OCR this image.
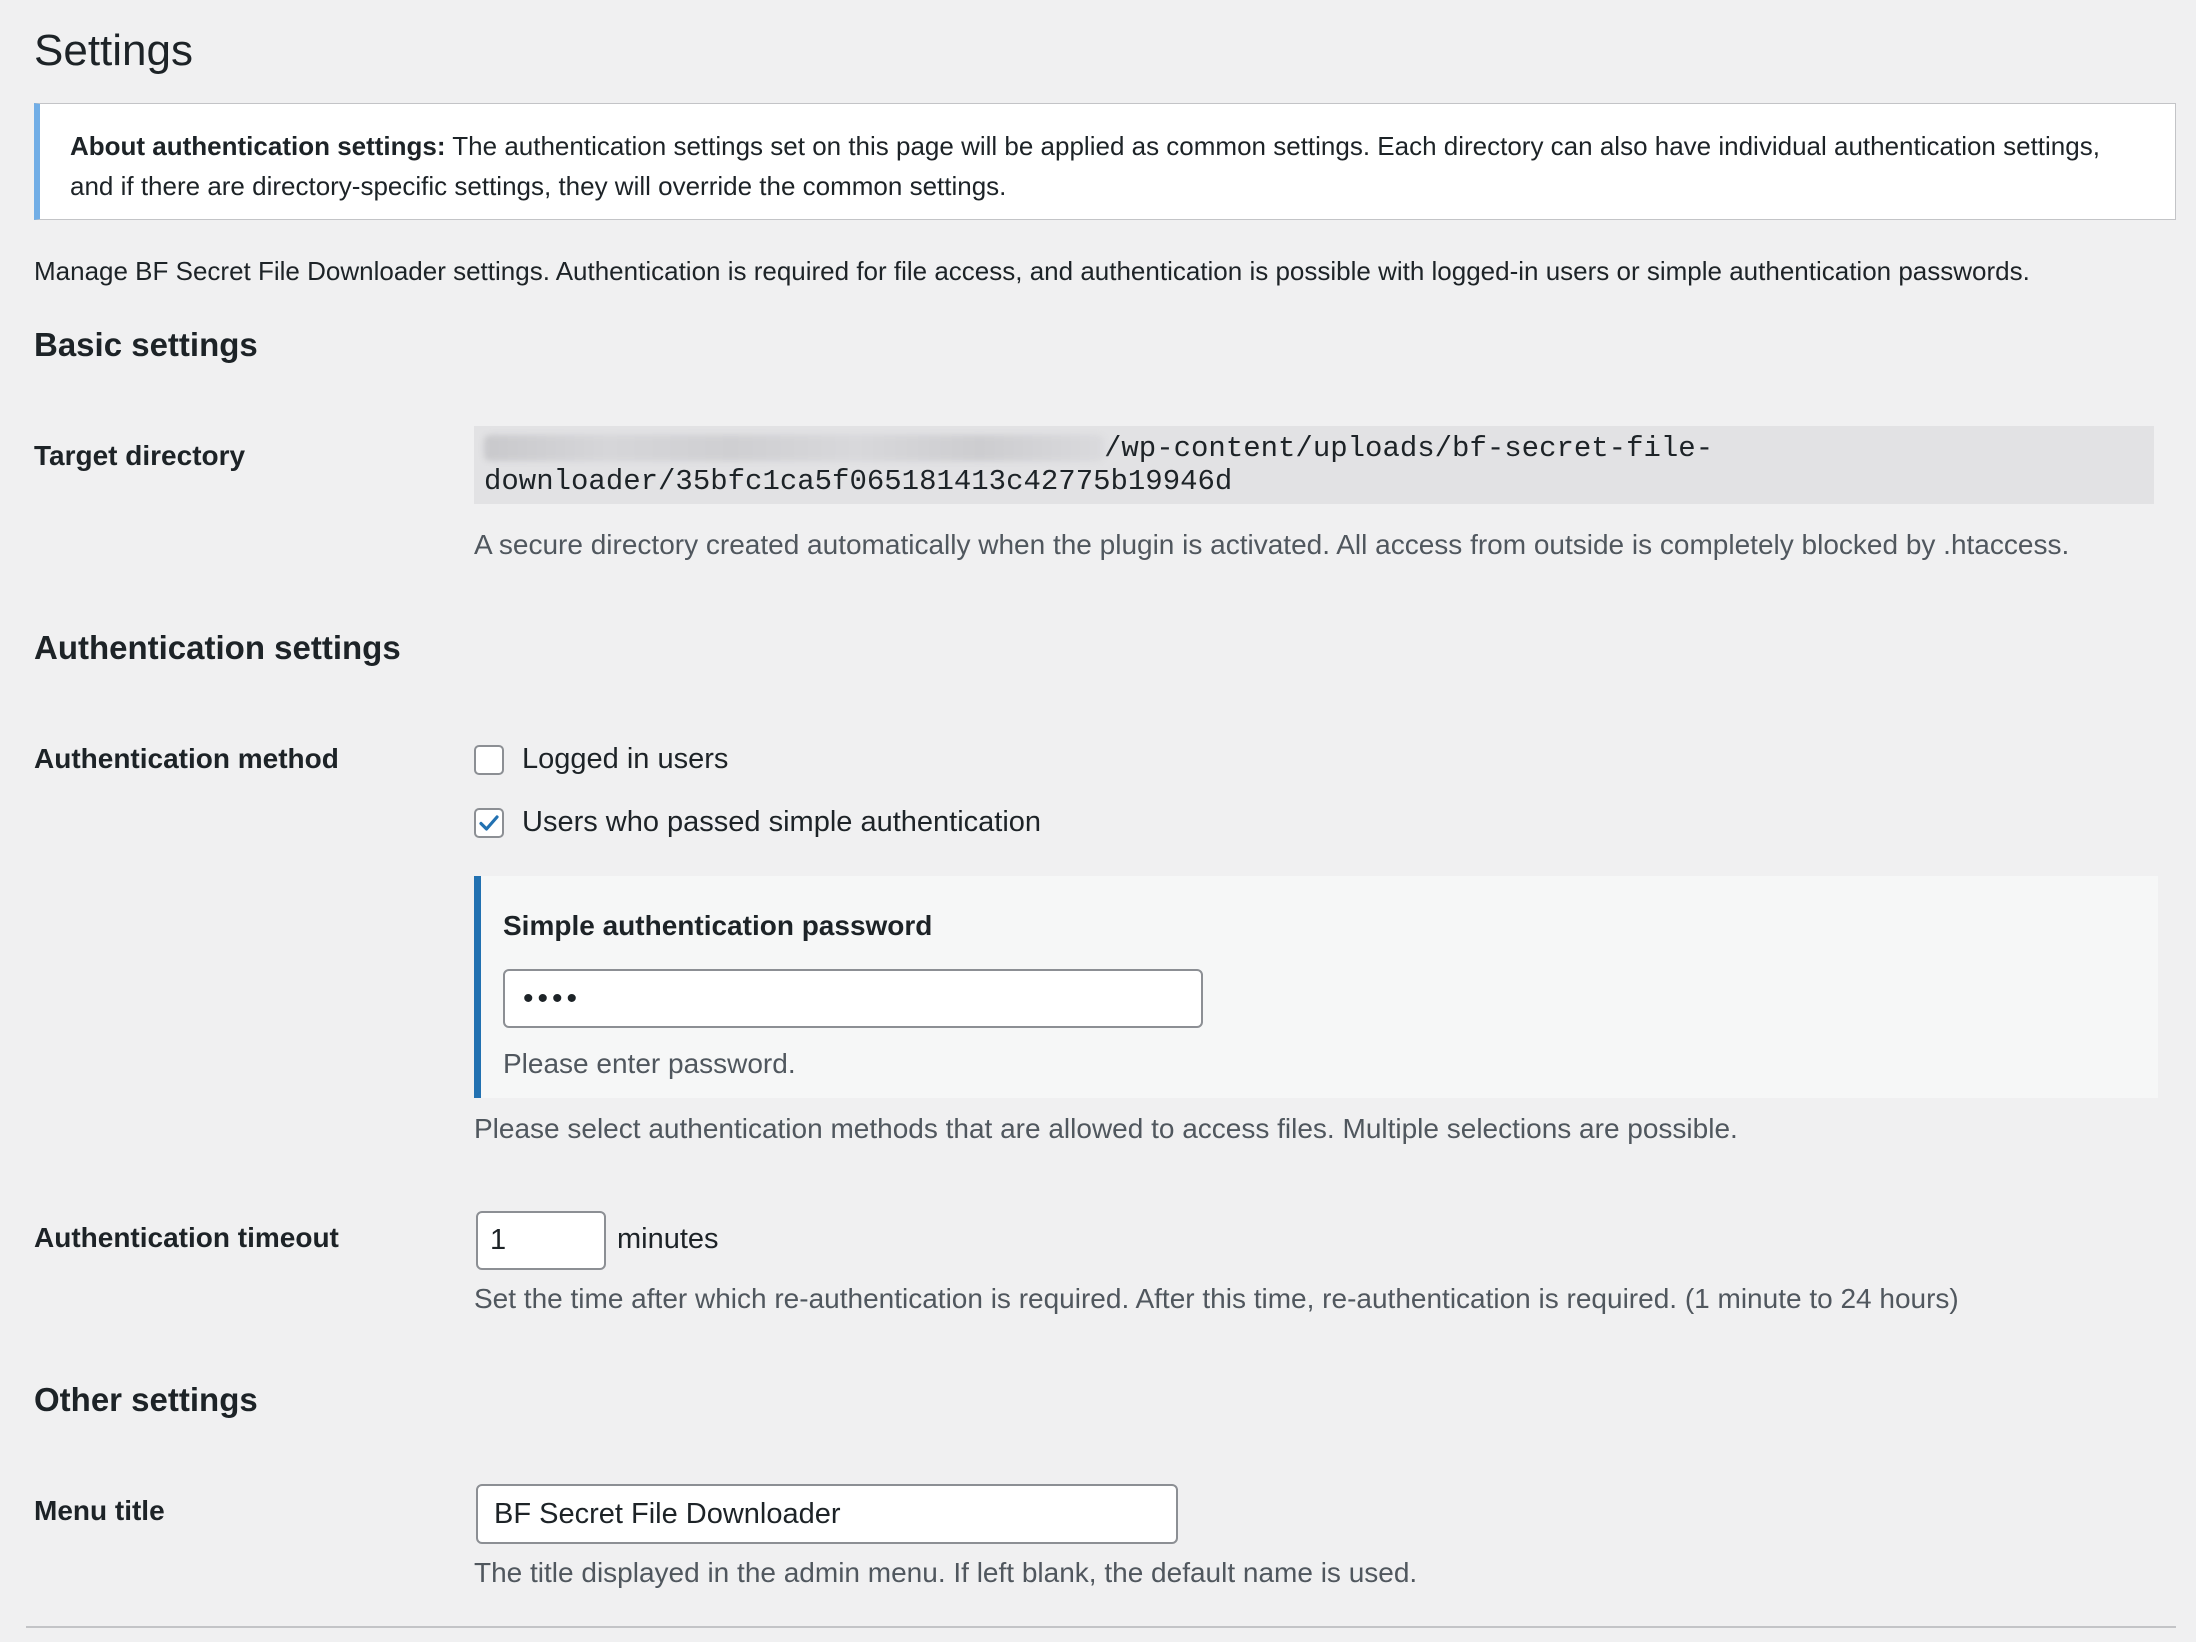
Settings
About authentication settings: The authentication settings set on this page will be applied as common settings. Each directory can also have individual authentication settings, and if there are directory-specific settings, they will override the common settings.
Manage BF Secret File Downloader settings. Authentication is required for file access, and authentication is possible with logged-in users or simple authentication passwords.
Basic settings
Target directory	/wp-content/uploads/bf-secret-file-
downloader/35bfc1ca5f065181413c42775b19946d
A secure directory created automatically when the plugin is activated. All access from outside is completely blocked by .htaccess.
Authentication settings
Authentication method	Logged in users
Users who passed simple authentication
Simple authentication password
••••
Please enter password.
Please select authentication methods that are allowed to access files. Multiple selections are possible.
Authentication timeout	1	minutes
Set the time after which re-authentication is required. After this time, re-authentication is required. (1 minute to 24 hours)
Other settings
Menu title	BF Secret File Downloader
The title displayed in the admin menu. If left blank, the default name is used.
